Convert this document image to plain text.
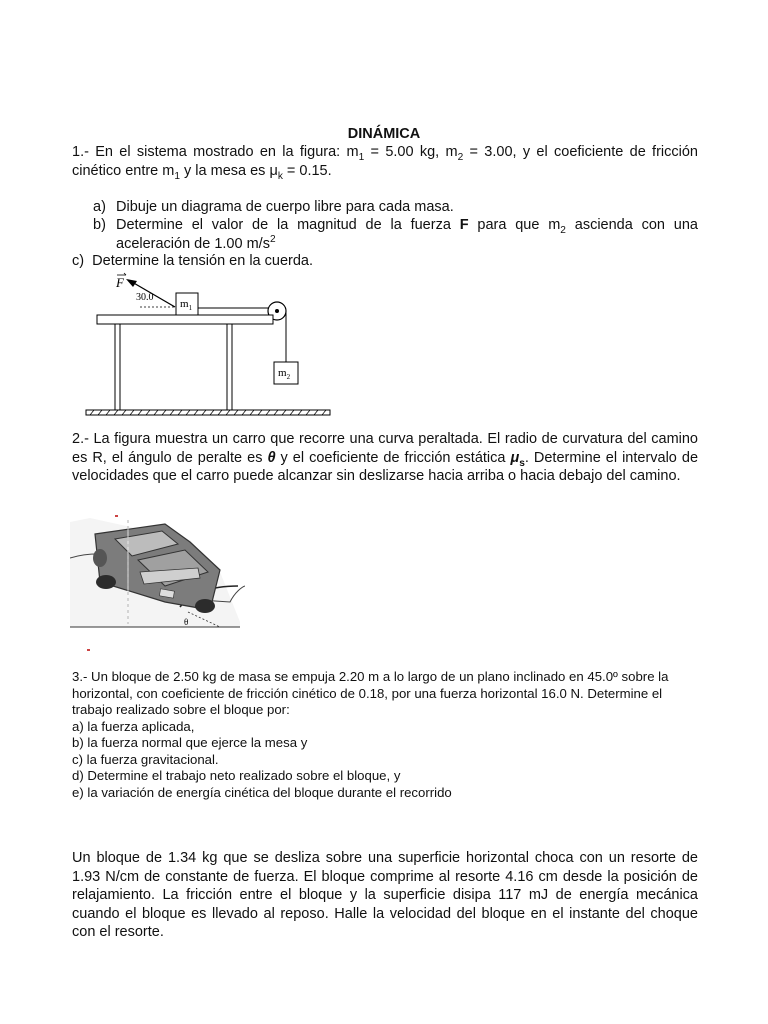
DINÁMICA
1.- En el sistema mostrado en la figura: $m_1 = 5.00$ kg, $m_2 = 3.00$, y el coeficiente de fricción cinético entre $m_1$ y la mesa es $\mu_k = 0.15$.
a) Dibuje un diagrama de cuerpo libre para cada masa.
b) Determine el valor de la magnitud de la fuerza F para que $m_2$ ascienda con una aceleración de 1.00 $m/s^2$
c) Determine la tensión en la cuerda.
F
30.0
$m_1$
$m_2$
2.- La figura muestra un carro que recorre una curva peraltada. El radio de curvatura del camino es R, el ángulo de peralte es θ y el coeficiente de fricción estática $\mu_s$. Determine el intervalo de velocidades que el carro puede alcanzar sin deslizarse hacia arriba o hacia debajo del camino.
θ
3.- Un bloque de 2.50 kg de masa se empuja 2.20 m a lo largo de un plano inclinado en 45.0º sobre la
horizontal, con coeficiente de fricción cinético de 0.18, por una fuerza horizontal 16.0 N. Determine el
trabajo realizado sobre el bloque por:
a) la fuerza aplicada,
b) la fuerza normal que ejerce la mesa y
c) la fuerza gravitacional.
d) Determine el trabajo neto realizado sobre el bloque, y
e) la variación de energía cinética del bloque durante el recorrido
Un bloque de 1.34 kg que se desliza sobre una superficie horizontal choca con un resorte de 1.93 N/cm de constante de fuerza. El bloque comprime al resorte 4.16 cm desde la posición de relajamiento. La fricción entre el bloque y la superficie disipa 117 mJ de energía mecánica cuando el bloque es llevado al reposo. Halle la velocidad del bloque en el instante del choque con el resorte.
